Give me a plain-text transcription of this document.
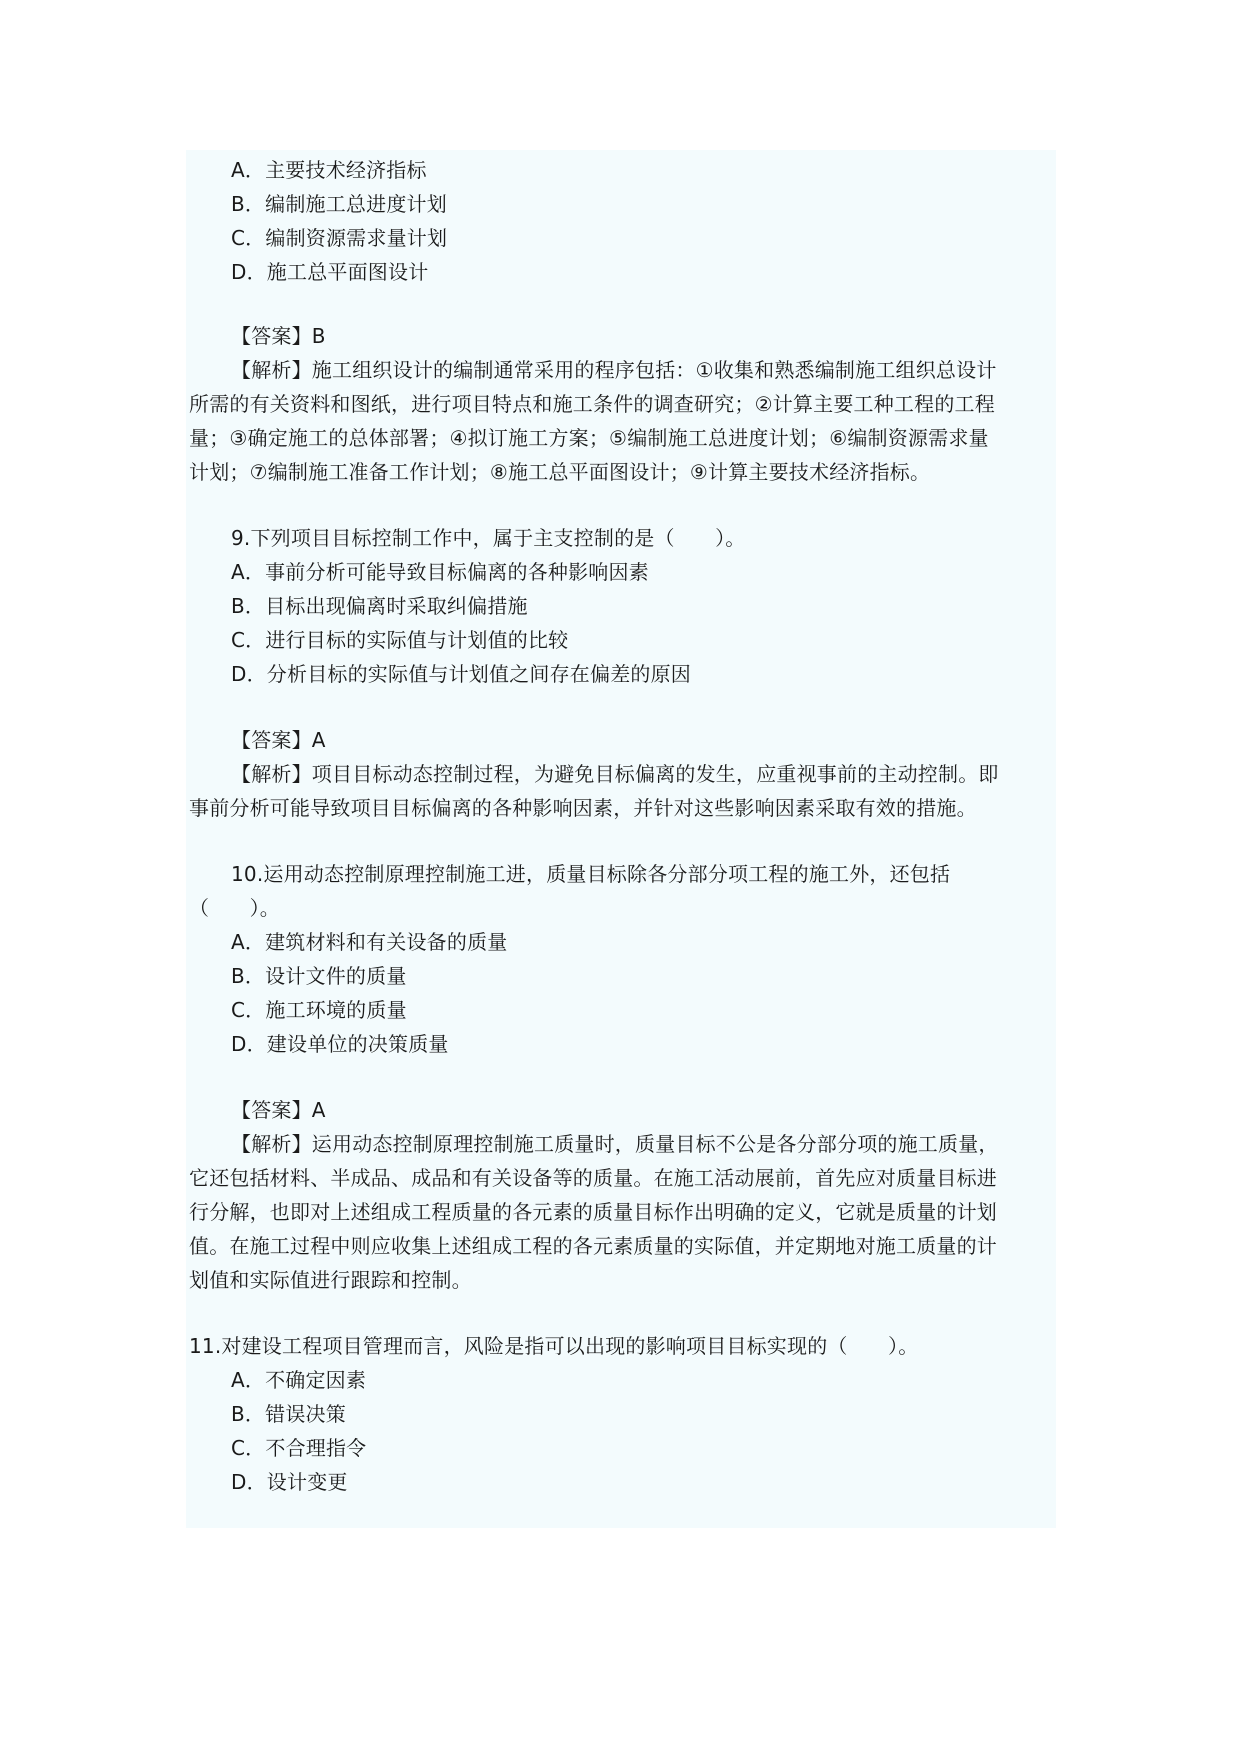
A．主要技术经济指标
B．编制施工总进度计划
C．编制资源需求量计划
D．施工总平面图设计
【答案】B
【解析】施工组织设计的编制通常采用的程序包括：①收集和熟悉编制施工组织总设计
所需的有关资料和图纸，进行项目特点和施工条件的调查研究；②计算主要工种工程的工程
量；③确定施工的总体部署；④拟订施工方案；⑤编制施工总进度计划；⑥编制资源需求量
计划；⑦编制施工准备工作计划；⑧施工总平面图设计；⑨计算主要技术经济指标。
9.下列项目目标控制工作中，属于主支控制的是（　　）。
A．事前分析可能导致目标偏离的各种影响因素
B．目标出现偏离时采取纠偏措施
C．进行目标的实际值与计划值的比较
D．分析目标的实际值与计划值之间存在偏差的原因
【答案】A
【解析】项目目标动态控制过程，为避免目标偏离的发生，应重视事前的主动控制。即
事前分析可能导致项目目标偏离的各种影响因素，并针对这些影响因素采取有效的措施。
10.运用动态控制原理控制施工进，质量目标除各分部分项工程的施工外，还包括
（　　）。
A．建筑材料和有关设备的质量
B．设计文件的质量
C．施工环境的质量
D．建设单位的决策质量
【答案】A
【解析】运用动态控制原理控制施工质量时，质量目标不公是各分部分项的施工质量，
它还包括材料、半成品、成品和有关设备等的质量。在施工活动展前，首先应对质量目标进
行分解，也即对上述组成工程质量的各元素的质量目标作出明确的定义，它就是质量的计划
值。在施工过程中则应收集上述组成工程的各元素质量的实际值，并定期地对施工质量的计
划值和实际值进行跟踪和控制。
11.对建设工程项目管理而言，风险是指可以出现的影响项目目标实现的（　　）。
A．不确定因素
B．错误决策
C．不合理指令
D．设计变更
